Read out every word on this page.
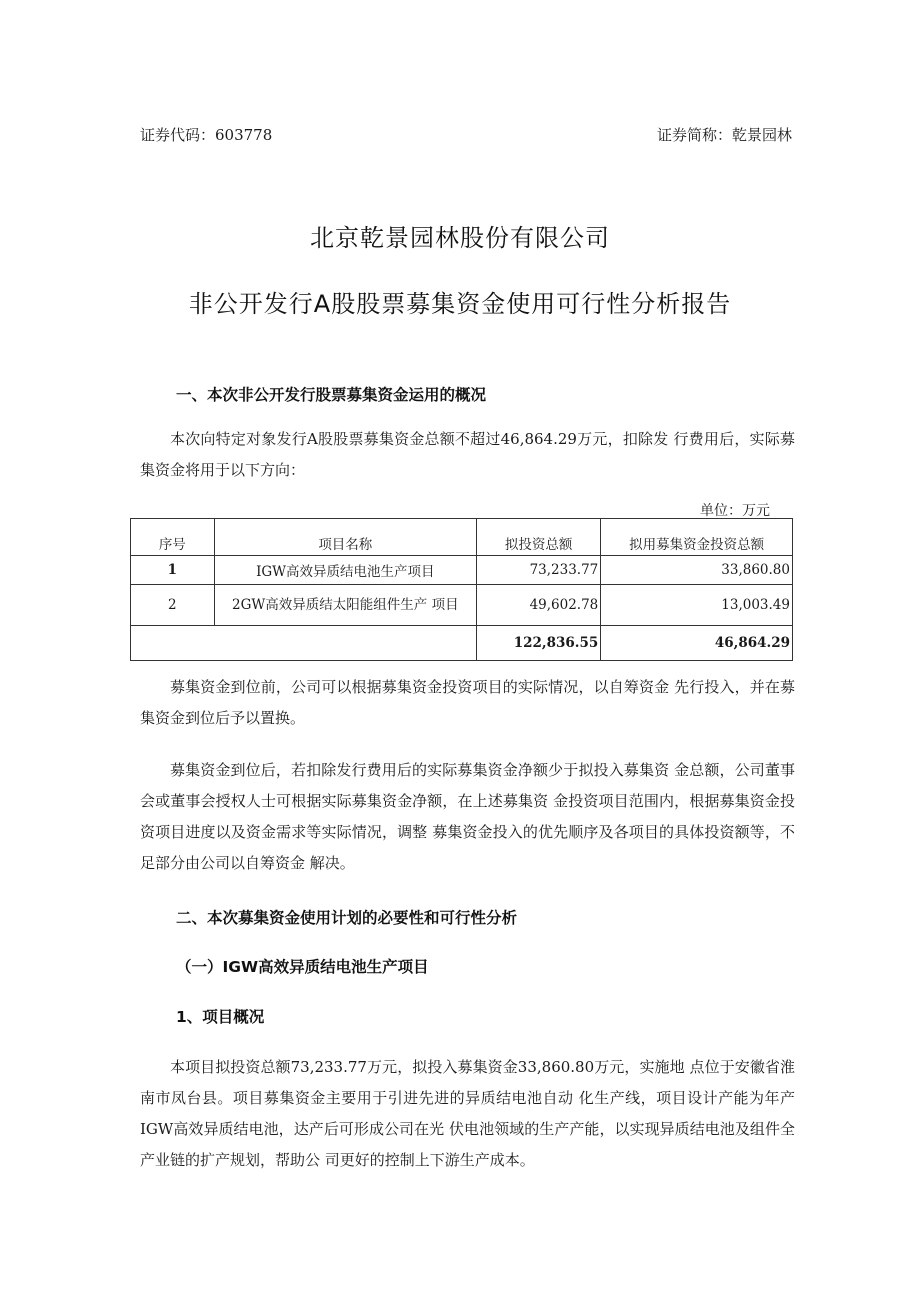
证券代码：603778	证券简称：乾景园林
北京乾景园林股份有限公司
非公开发行A股股票募集资金使用可行性分析报告
一、本次非公开发行股票募集资金运用的概况

本次向特定对象发行A股股票募集资金总额不超过46,864.29万元，扣除发 行费用后，实际募集资金将用于以下方向：

单位：万元
序号	项目名称	拟投资总额	拟用募集资金投资总额
1	IGW高效异质结电池生产项目	73,233.77	33,860.80
2	2GW高效异质结太阳能组件生产 项目	49,602.78	13,003.49
		122,836.55	46,864.29

募集资金到位前，公司可以根据募集资金投资项目的实际情况，以自筹资金 先行投入，并在募集资金到位后予以置换。

募集资金到位后，若扣除发行费用后的实际募集资金净额少于拟投入募集资 金总额，公司董事会或董事会授权人士可根据实际募集资金净额，在上述募集资 金投资项目范围内，根据募集资金投资项目进度以及资金需求等实际情况，调整 募集资金投入的优先顺序及各项目的具体投资额等，不足部分由公司以自筹资金 解决。

二、本次募集资金使用计划的必要性和可行性分析
（一）IGW高效异质结电池生产项目
1、项目概况

本项目拟投资总额73,233.77万元，拟投入募集资金33,860.80万元，实施地 点位于安徽省淮南市凤台县。项目募集资金主要用于引进先进的异质结电池自动 化生产线，项目设计产能为年产IGW高效异质结电池，达产后可形成公司在光 伏电池领域的生产产能，以实现异质结电池及组件全产业链的扩产规划，帮助公 司更好的控制上下游生产成本。
